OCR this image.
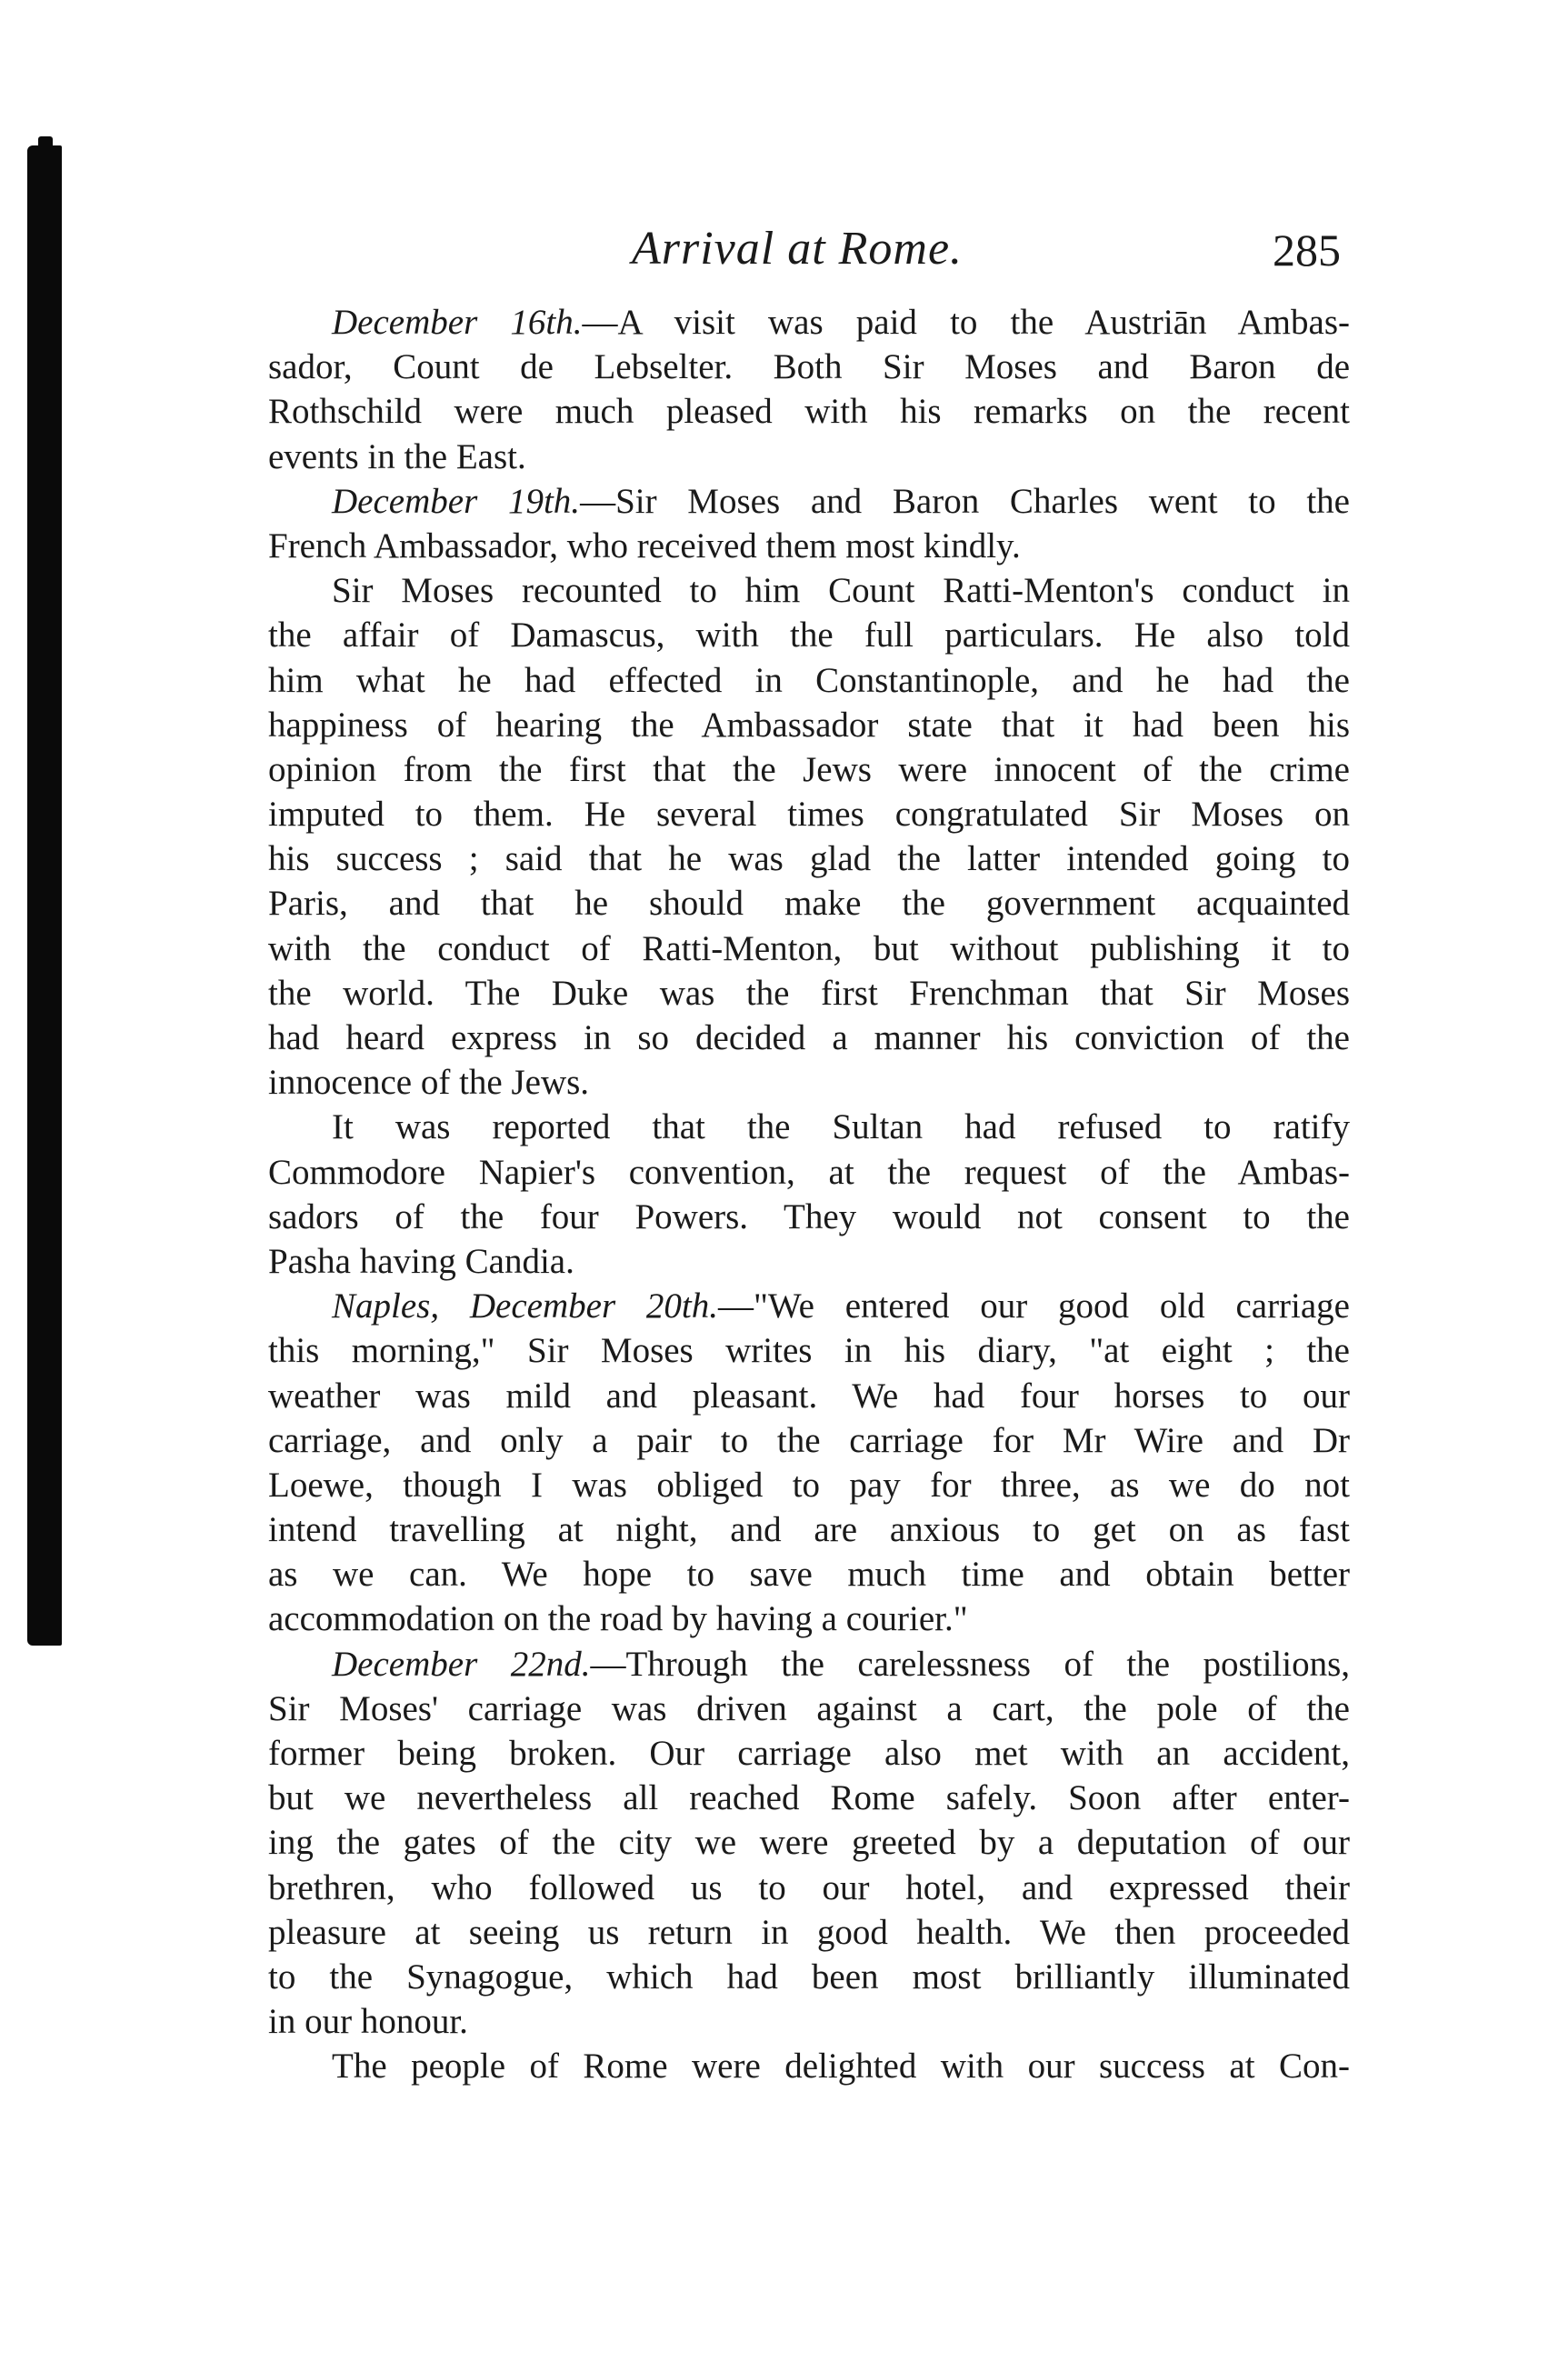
Arrival at Rome.	285
December 16th.—A visit was paid to the Austriān Ambas-
sador, Count de Lebselter. Both Sir Moses and Baron de
Rothschild were much pleased with his remarks on the recent
events in the East.
December 19th.—Sir Moses and Baron Charles went to the
French Ambassador, who received them most kindly.
Sir Moses recounted to him Count Ratti-Menton's conduct in
the affair of Damascus, with the full particulars. He also told
him what he had effected in Constantinople, and he had the
happiness of hearing the Ambassador state that it had been his
opinion from the first that the Jews were innocent of the crime
imputed to them. He several times congratulated Sir Moses on
his success ; said that he was glad the latter intended going to
Paris, and that he should make the government acquainted
with the conduct of Ratti-Menton, but without publishing it to
the world. The Duke was the first Frenchman that Sir Moses
had heard express in so decided a manner his conviction of the
innocence of the Jews.
It was reported that the Sultan had refused to ratify
Commodore Napier's convention, at the request of the Ambas-
sadors of the four Powers. They would not consent to the
Pasha having Candia.
Naples, December 20th.—"We entered our good old carriage
this morning," Sir Moses writes in his diary, "at eight ; the
weather was mild and pleasant. We had four horses to our
carriage, and only a pair to the carriage for Mr Wire and Dr
Loewe, though I was obliged to pay for three, as we do not
intend travelling at night, and are anxious to get on as fast
as we can. We hope to save much time and obtain better
accommodation on the road by having a courier."
December 22nd.—Through the carelessness of the postilions,
Sir Moses' carriage was driven against a cart, the pole of the
former being broken. Our carriage also met with an accident,
but we nevertheless all reached Rome safely. Soon after enter-
ing the gates of the city we were greeted by a deputation of our
brethren, who followed us to our hotel, and expressed their
pleasure at seeing us return in good health. We then proceeded
to the Synagogue, which had been most brilliantly illuminated
in our honour.
The people of Rome were delighted with our success at Con-
